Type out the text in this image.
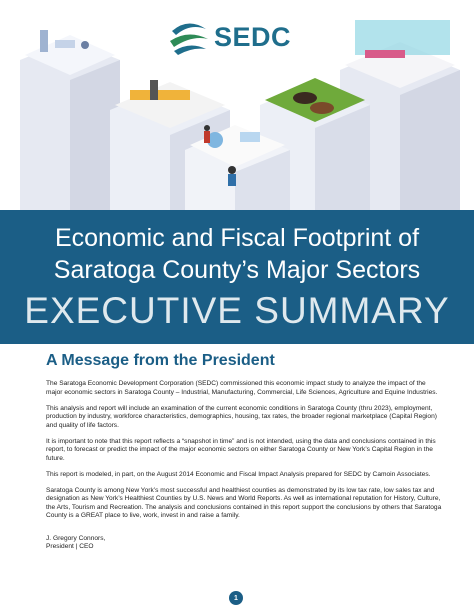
SEDC
Economic and Fiscal Footprint of
Saratoga County’s Major Sectors
EXECUTIVE SUMMARY
A Message from the President

The Saratoga Economic Development Corporation (SEDC) commissioned this economic impact study to analyze the impact of the major economic sectors in Saratoga County – Industrial, Manufacturing, Commercial, Life Sciences, Agriculture and Equine Industries.

This analysis and report will include an examination of the current economic conditions in Saratoga County (thru 2023), employment, production by industry, workforce characteristics, demographics, housing, tax rates, the broader regional marketplace (Capital Region) and quality of life factors.

It is important to note that this report reflects a “snapshot in time” and is not intended, using the data and conclusions contained in this report, to forecast or predict the impact of the major economic sectors on either Saratoga County or New York’s Capital Region in the future.

This report is modeled, in part, on the August 2014 Economic and Fiscal Impact Analysis prepared for SEDC by Camoin Associates.

Saratoga County is among New York’s most successful and healthiest counties as demonstrated by its low tax rate, low sales tax and designation as New York’s Healthiest Counties by U.S. News and World Reports. As well as international reputation for History, Culture, the Arts, Tourism and Recreation. The analysis and conclusions contained in this report support the conclusions by others that Saratoga County is a GREAT place to live, work, invest in and raise a family.

J. Gregory Connors,
President | CEO
1
